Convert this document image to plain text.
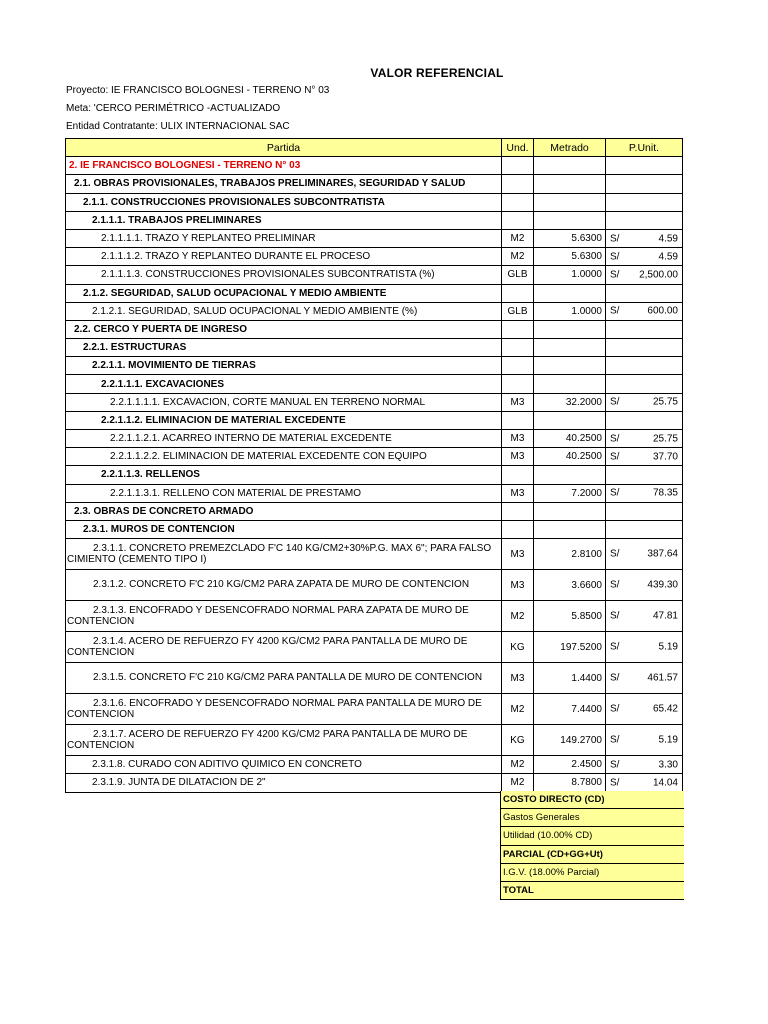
VALOR REFERENCIAL
Proyecto: IE FRANCISCO BOLOGNESI - TERRENO N° 03
Meta: 'CERCO PERIMÉTRICO -ACTUALIZADO
Entidad Contratante: ULIX INTERNACIONAL SAC
Partida	Und.	Metrado	P.Unit.
2. IE FRANCISCO BOLOGNESI - TERRENO N° 03			
2.1. OBRAS PROVISIONALES, TRABAJOS PRELIMINARES, SEGURIDAD Y SALUD			
2.1.1. CONSTRUCCIONES PROVISIONALES SUBCONTRATISTA			
2.1.1.1. TRABAJOS PRELIMINARES			
2.1.1.1.1. TRAZO Y REPLANTEO PRELIMINAR	M2	5.6300	S/ 4.59

2.1.1.1.2. TRAZO Y REPLANTEO DURANTE EL PROCESO	M2	5.6300	S/ 4.59

2.1.1.1.3. CONSTRUCCIONES PROVISIONALES SUBCONTRATISTA (%)	GLB	1.0000	S/ 2,500.00

2.1.2. SEGURIDAD, SALUD OCUPACIONAL Y MEDIO AMBIENTE			
2.1.2.1. SEGURIDAD, SALUD OCUPACIONAL Y MEDIO AMBIENTE (%)	GLB	1.0000	S/ 600.00

2.2. CERCO Y PUERTA DE INGRESO			
2.2.1. ESTRUCTURAS			
2.2.1.1. MOVIMIENTO DE TIERRAS			
2.2.1.1.1. EXCAVACIONES			
2.2.1.1.1.1. EXCAVACION, CORTE MANUAL EN TERRENO NORMAL	M3	32.2000	S/ 25.75

2.2.1.1.2. ELIMINACION DE MATERIAL EXCEDENTE			
2.2.1.1.2.1. ACARREO INTERNO DE MATERIAL EXCEDENTE	M3	40.2500	S/ 25.75

2.2.1.1.2.2. ELIMINACION DE MATERIAL EXCEDENTE CON EQUIPO	M3	40.2500	S/ 37.70

2.2.1.1.3. RELLENOS			
2.2.1.1.3.1. RELLENO CON MATERIAL DE PRESTAMO	M3	7.2000	S/ 78.35

2.3. OBRAS DE CONCRETO ARMADO			
2.3.1. MUROS DE CONTENCION			
2.3.1.1. CONCRETO PREMEZCLADO F'C 140 KG/CM2+30%P.G. MAX 6"; PARA FALSO CIMIENTO (CEMENTO TIPO I)	M3	2.8100	S/ 387.64

2.3.1.2. CONCRETO F'C 210 KG/CM2 PARA ZAPATA DE MURO DE CONTENCION	M3	3.6600	S/ 439.30

2.3.1.3. ENCOFRADO Y DESENCOFRADO NORMAL PARA ZAPATA DE MURO DE CONTENCION	M2	5.8500	S/ 47.81

2.3.1.4. ACERO DE REFUERZO FY 4200 KG/CM2 PARA PANTALLA DE MURO DE CONTENCION	KG	197.5200	S/ 5.19

2.3.1.5. CONCRETO F'C 210 KG/CM2 PARA PANTALLA DE MURO DE CONTENCION	M3	1.4400	S/ 461.57

2.3.1.6. ENCOFRADO Y DESENCOFRADO NORMAL PARA PANTALLA DE MURO DE CONTENCION	M2	7.4400	S/ 65.42

2.3.1.7. ACERO DE REFUERZO FY 4200 KG/CM2 PARA PANTALLA DE MURO DE CONTENCION	KG	149.2700	S/ 5.19

2.3.1.8. CURADO CON ADITIVO QUIMICO EN CONCRETO	M2	2.4500	S/ 3.30

2.3.1.9. JUNTA DE DILATACION DE 2"	M2	8.7800	S/ 14.04
COSTO DIRECTO (CD)
Gastos Generales
Utilidad (10.00% CD)
PARCIAL (CD+GG+Ut)
I.G.V. (18.00% Parcial)
TOTAL
